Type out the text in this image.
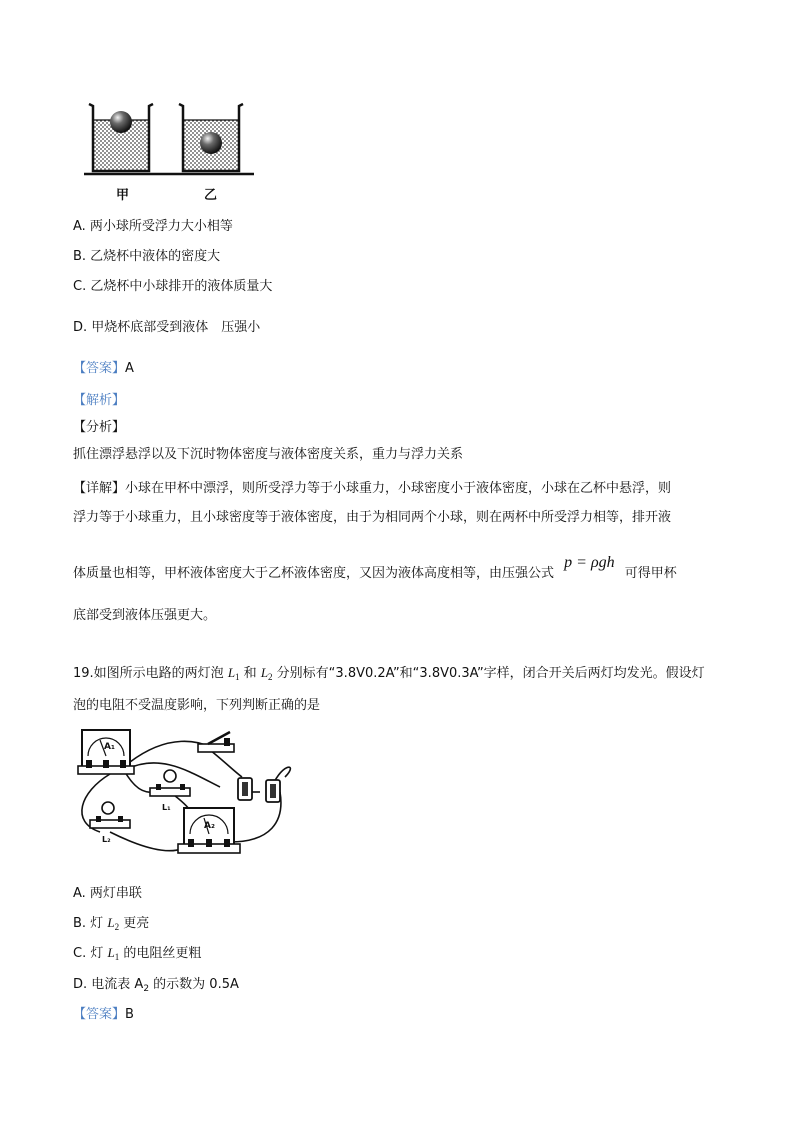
甲	乙
A. 两小球所受浮力大小相等
B. 乙烧杯中液体的密度大
C. 乙烧杯中小球排开的液体质量大
D. 甲烧杯底部受到液体　压强小
【答案】A
【解析】
【分析】
抓住漂浮悬浮以及下沉时物体密度与液体密度关系，重力与浮力关系
【详解】小球在甲杯中漂浮，则所受浮力等于小球重力，小球密度小于液体密度，小球在乙杯中悬浮，则
浮力等于小球重力，且小球密度等于液体密度，由于为相同两个小球，则在两杯中所受浮力相等，排开液
体质量也相等，甲杯液体密度大于乙杯液体密度，又因为液体高度相等，由压强公式 p = ρgh 可得甲杯
底部受到液体压强更大。
19.如图所示电路的两灯泡 $L_1$ 和 $L_2$ 分别标有“3.8V0.2A”和“3.8V0.3A”字样，闭合开关后两灯均发光。假设灯
泡的电阻不受温度影响，下列判断正确的是
A₁
L₁
L₂
A₂
A. 两灯串联
B. 灯 $L_2$ 更亮
C. 灯 $L_1$ 的电阻丝更粗
D. 电流表 $A_2$ 的示数为 0.5A
【答案】B
